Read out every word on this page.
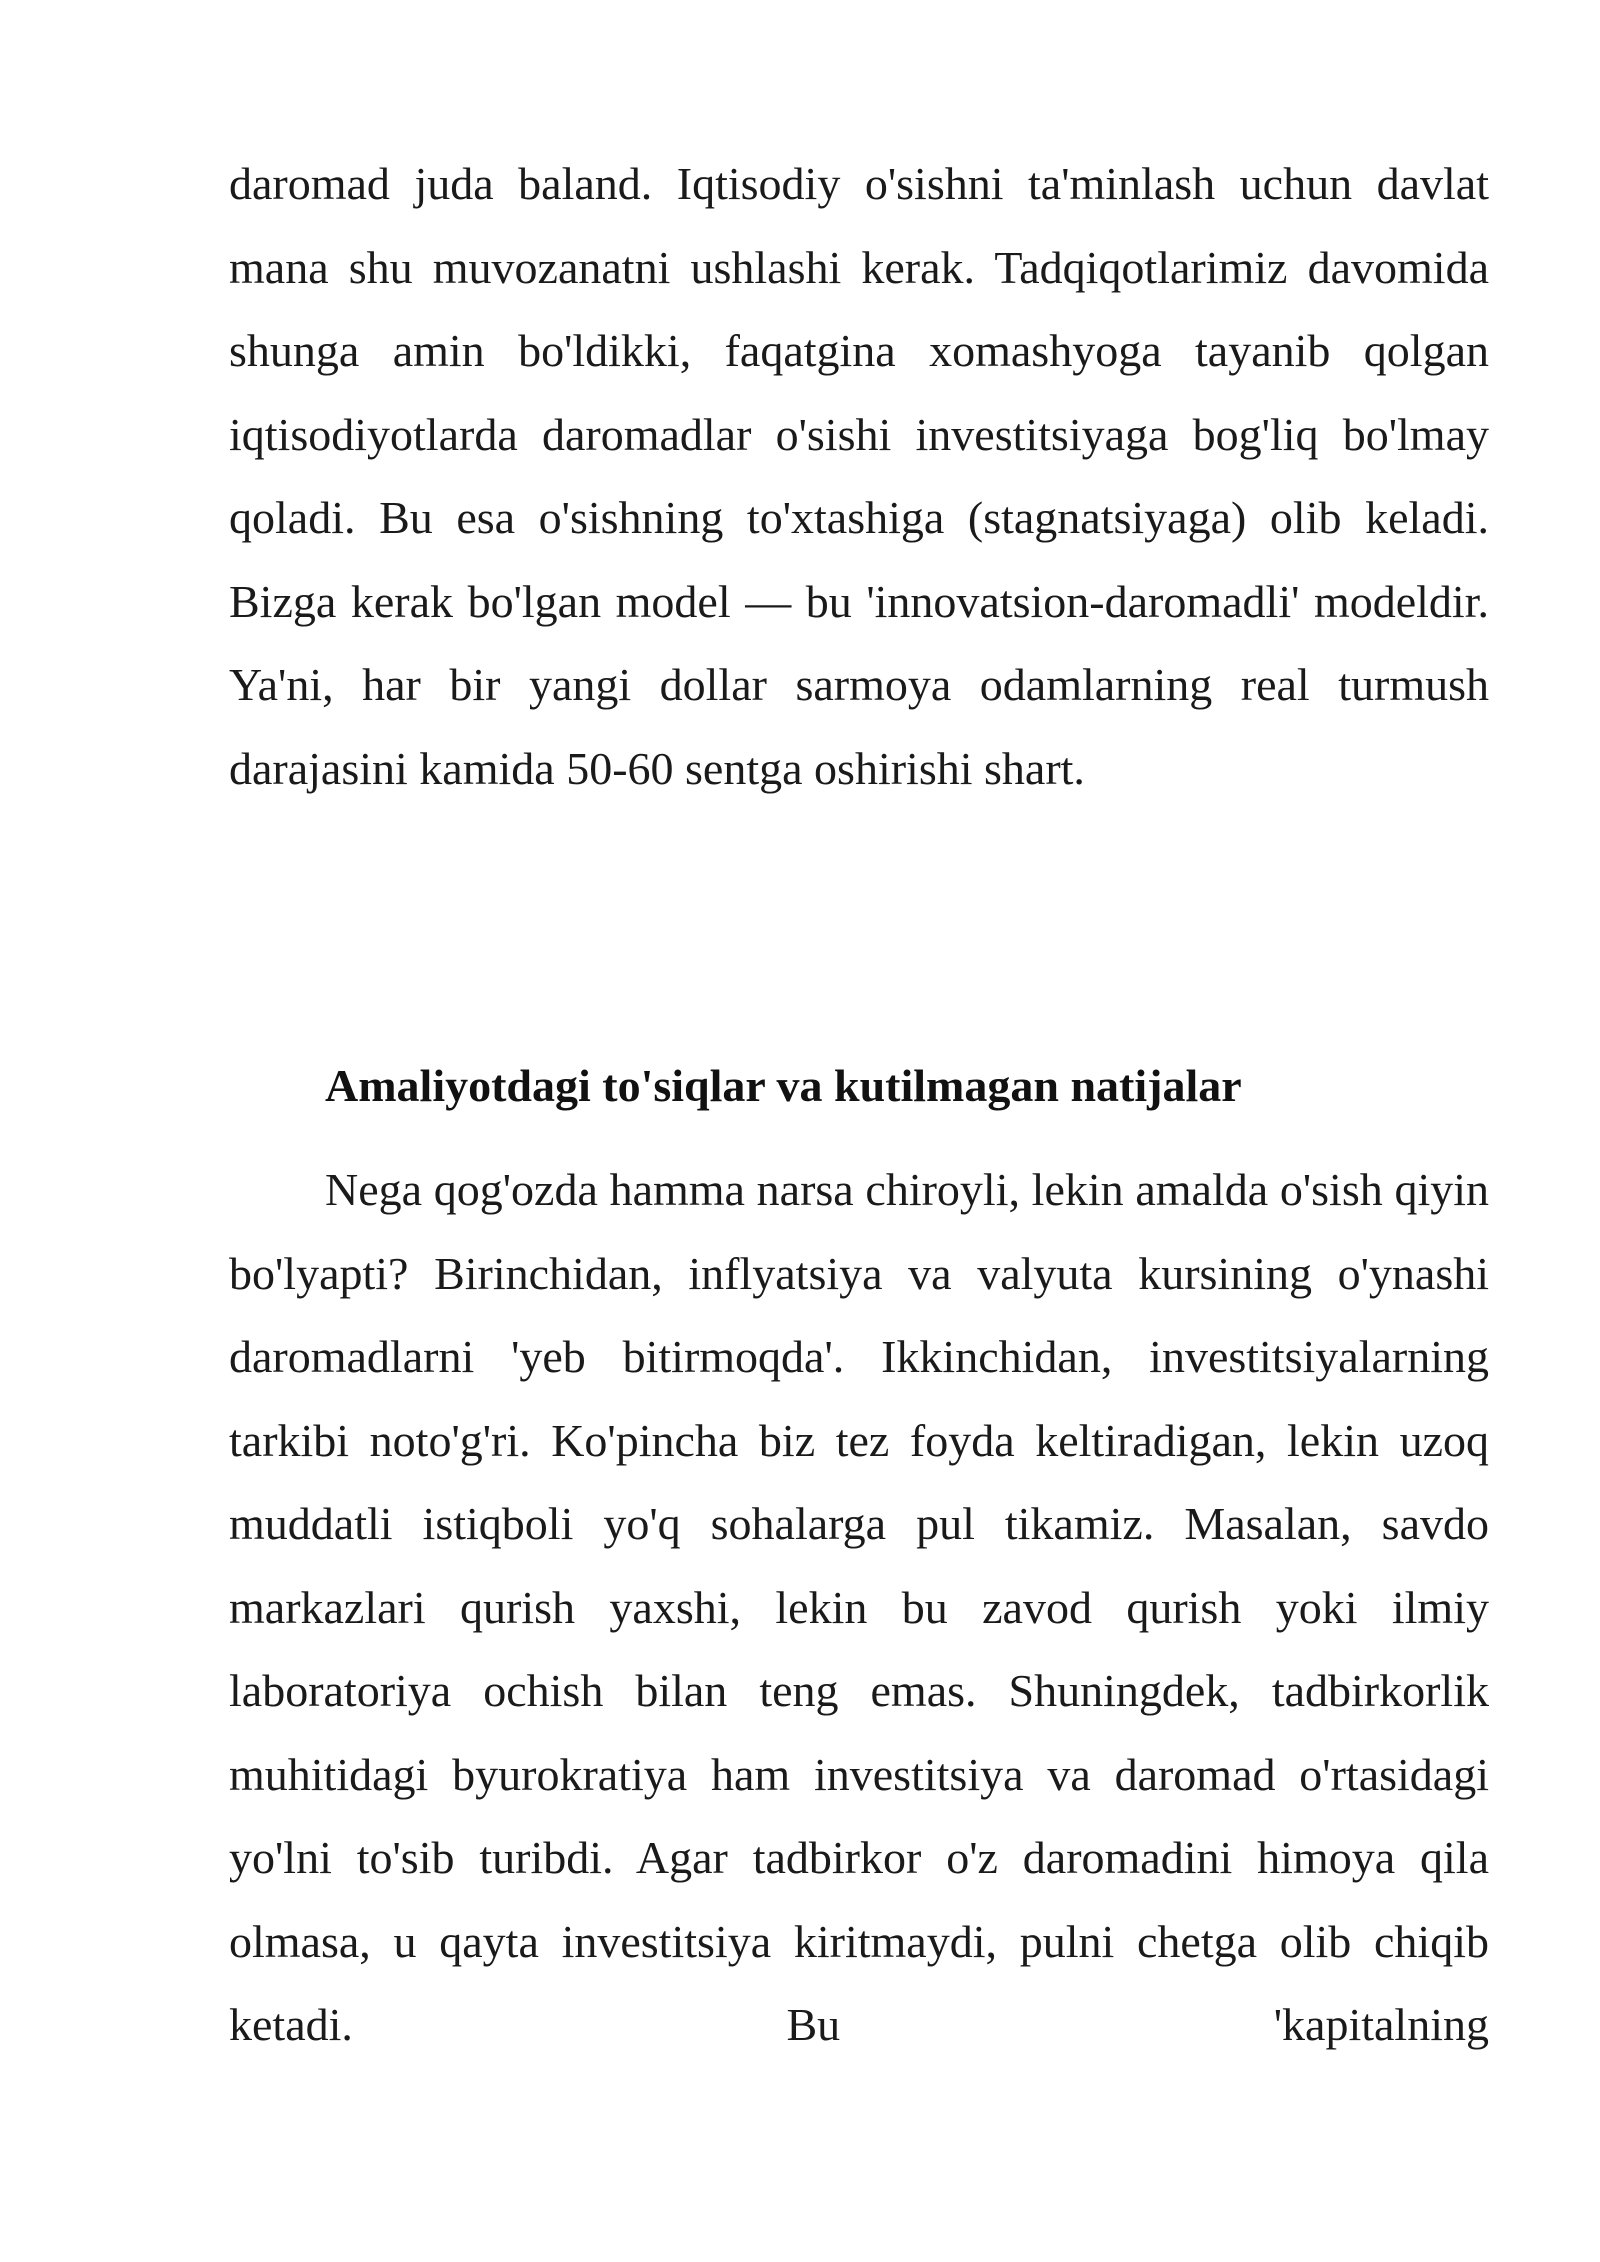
daromad juda baland. Iqtisodiy o'sishni ta'minlash uchun davlat mana shu muvozanatni ushlashi kerak. Tadqiqotlarimiz davomida shunga amin bo'ldikki, faqatgina xomashyoga tayanib qolgan iqtisodiyotlarda daromadlar o'sishi investitsiyaga bog'liq bo'lmay qoladi. Bu esa o'sishning to'xtashiga (stagnatsiyaga) olib keladi. Bizga kerak bo'lgan model — bu 'innovatsion-daromadli' modeldir. Ya'ni, har bir yangi dollar sarmoya odamlarning real turmush darajasini kamida 50-60 sentga oshirishi shart.

Amaliyotdagi to'siqlar va kutilmagan natijalar

Nega qog'ozda hamma narsa chiroyli, lekin amalda o'sish qiyin bo'lyapti? Birinchidan, inflyatsiya va valyuta kursining o'ynashi daromadlarni 'yeb bitirmoqda'. Ikkinchidan, investitsiyalarning tarkibi noto'g'ri. Ko'pincha biz tez foyda keltiradigan, lekin uzoq muddatli istiqboli yo'q sohalarga pul tikamiz. Masalan, savdo markazlari qurish yaxshi, lekin bu zavod qurish yoki ilmiy laboratoriya ochish bilan teng emas. Shuningdek, tadbirkorlik muhitidagi byurokratiya ham investitsiya va daromad o'rtasidagi yo'lni to'sib turibdi. Agar tadbirkor o'z daromadini himoya qila olmasa, u qayta investitsiya kiritmaydi, pulni chetga olib chiqib ketadi. Bu 'kapitalning
